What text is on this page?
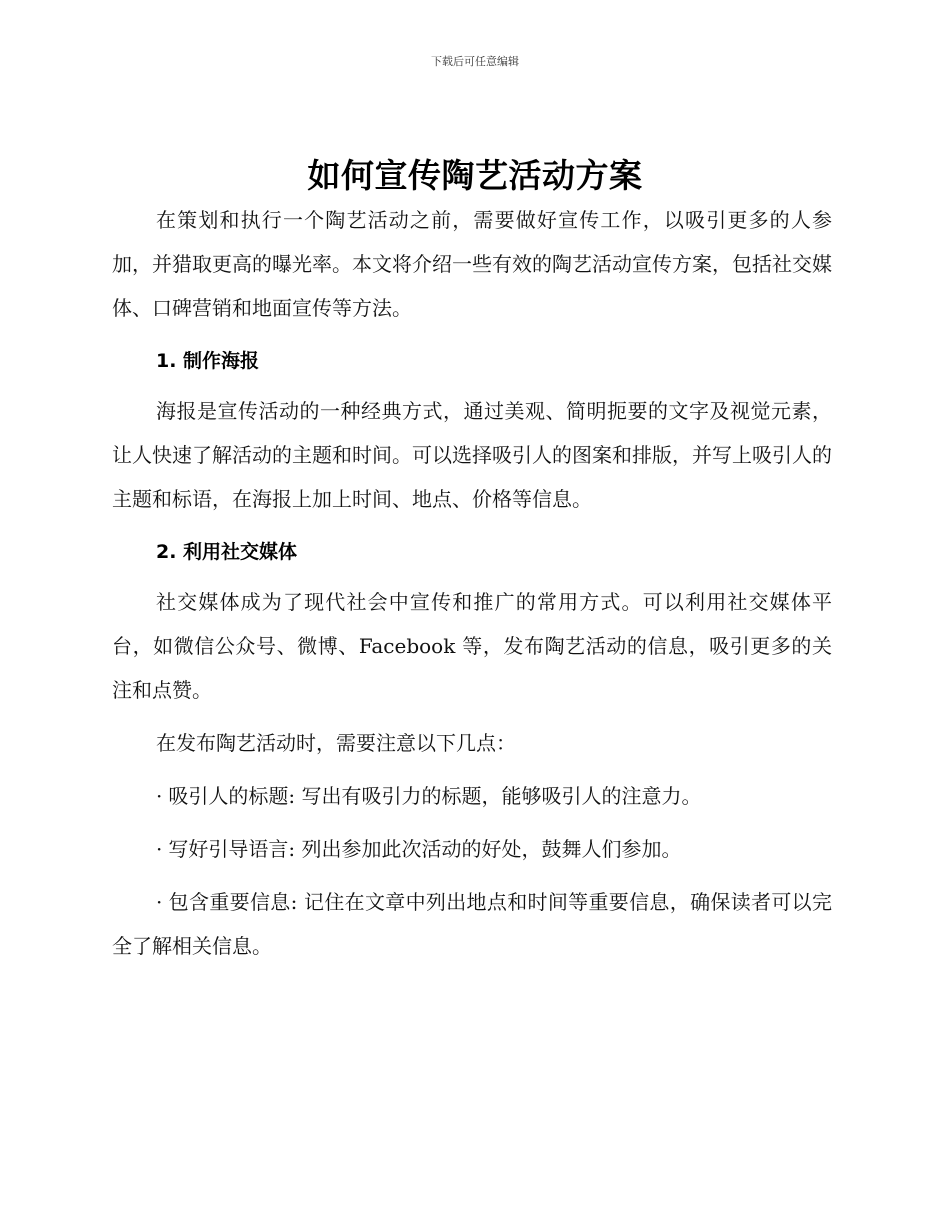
下载后可任意编辑
如何宣传陶艺活动方案

在策划和执行一个陶艺活动之前，需要做好宣传工作，以吸引更多的人参加，并猎取更高的曝光率。本文将介绍一些有效的陶艺活动宣传方案，包括社交媒体、口碑营销和地面宣传等方法。

1. 制作海报

海报是宣传活动的一种经典方式，通过美观、简明扼要的文字及视觉元素，让人快速了解活动的主题和时间。可以选择吸引人的图案和排版，并写上吸引人的主题和标语，在海报上加上时间、地点、价格等信息。

2. 利用社交媒体

社交媒体成为了现代社会中宣传和推广的常用方式。可以利用社交媒体平台，如微信公众号、微博、Facebook 等，发布陶艺活动的信息，吸引更多的关注和点赞。

在发布陶艺活动时，需要注意以下几点：

· 吸引人的标题: 写出有吸引力的标题，能够吸引人的注意力。

· 写好引导语言: 列出参加此次活动的好处，鼓舞人们参加。

· 包含重要信息: 记住在文章中列出地点和时间等重要信息，确保读者可以完全了解相关信息。
